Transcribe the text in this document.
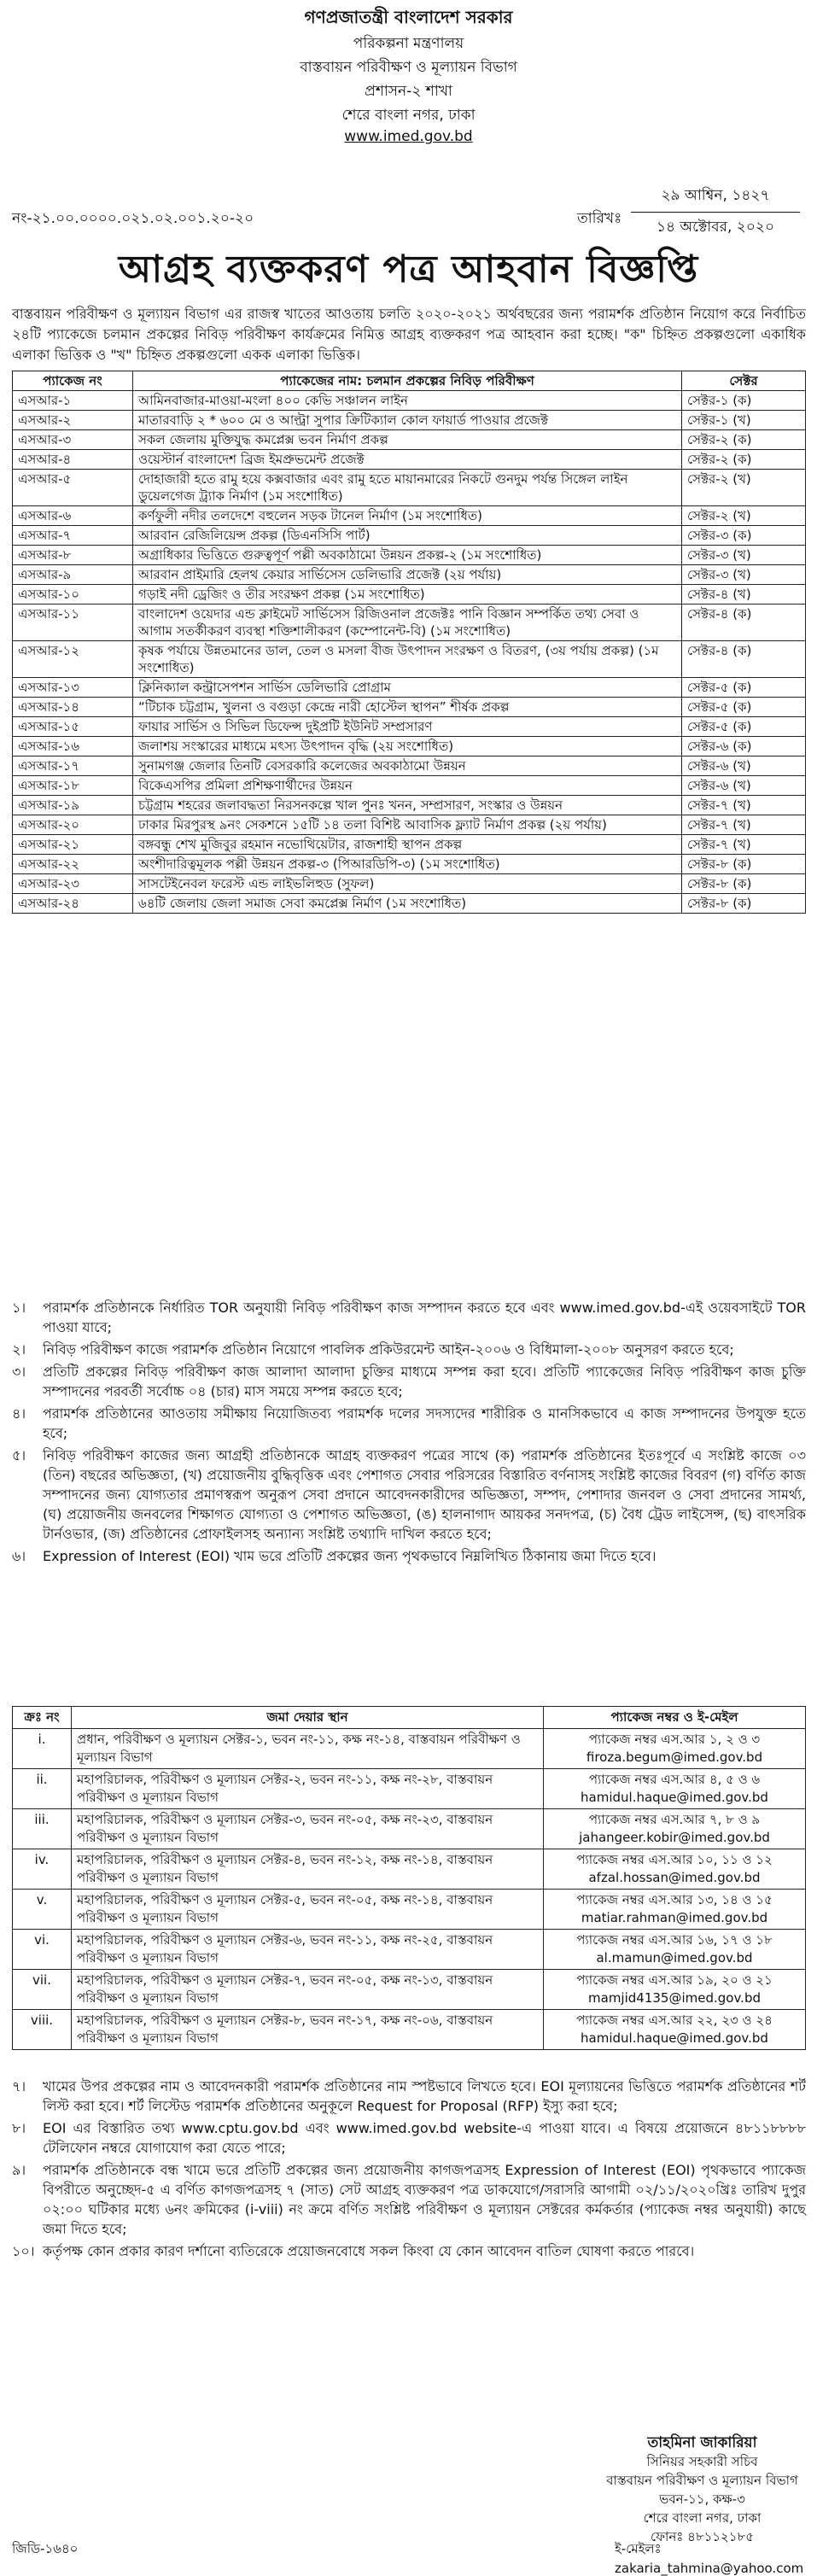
গণপ্রজাতন্ত্রী বাংলাদেশ সরকার
পরিকল্পনা মন্ত্রণালয়
বাস্তবায়ন পরিবীক্ষণ ও মূল্যায়ন বিভাগ
প্রশাসন-২ শাখা
শেরে বাংলা নগর, ঢাকা
www.imed.gov.bd
২৯ আশ্বিন, ১৪২৭
১৪ অক্টোবর, ২০২০
নং-২১.০০.০০০০.০২১.০২.০০১.২০-২০	তারিখঃ
আগ্রহ ব্যক্তকরণ পত্র আহবান বিজ্ঞপ্তি
বাস্তবায়ন পরিবীক্ষণ ও মূল্যায়ন বিভাগ এর রাজস্ব খাতের আওতায় চলতি ২০২০-২০২১ অর্থবছরের জন্য পরামর্শক প্রতিষ্ঠান নিয়োগ করে নির্বাচিত ২৪টি প্যাকেজে চলমান প্রকল্পের নিবিড় পরিবীক্ষণ কার্যক্রমের নিমিত্ত আগ্রহ ব্যক্তকরণ পত্র আহবান করা হচ্ছে। "ক" চিহ্নিত প্রকল্পগুলো একাধিক এলাকা ভিত্তিক ও "খ" চিহ্নিত প্রকল্পগুলো একক এলাকা ভিত্তিক।
প্যাকেজ নং	প্যাকেজের নাম: চলমান প্রকল্পের নিবিড় পরিবীক্ষণ	সেক্টর
এসআর-১	আমিনবাজার-মাওয়া-মংলা ৪০০ কেভি সঞ্চালন লাইন	সেক্টর-১ (ক)
এসআর-২	মাতারবাড়ি ২ * ৬০০ মে ও আল্ট্রা সুপার ক্রিটিক্যাল কোল ফায়ার্ড পাওয়ার প্রজেক্ট	সেক্টর-১ (খ)
এসআর-৩	সকল জেলায় মুক্তিযুদ্ধ কমপ্লেক্স ভবন নির্মাণ প্রকল্প	সেক্টর-২ (ক)
এসআর-৪	ওয়েস্টার্ন বাংলাদেশ ব্রিজ ইমপ্রুভমেন্ট প্রজেক্ট	সেক্টর-২ (ক)
এসআর-৫	দোহাজারী হতে রামু হয়ে কক্সবাজার এবং রামু হতে মায়ানমারের নিকটে গুনদুম পর্যন্ত সিঙ্গেল লাইন ডুয়েলগেজ ট্র্যাক নির্মাণ (১ম সংশোধিত)	সেক্টর-২ (খ)
এসআর-৬	কর্ণফুলী নদীর তলদেশে বহুলেন সড়ক টানেল নির্মাণ (১ম সংশোধিত)	সেক্টর-২ (খ)
এসআর-৭	আরবান রেজিলিয়েন্স প্রকল্প (ডিএনসিসি পার্ট)	সেক্টর-৩ (ক)
এসআর-৮	অগ্রাধিকার ভিত্তিতে গুরুত্বপূর্ণ পল্লী অবকাঠামো উন্নয়ন প্রকল্প-২ (১ম সংশোধিত)	সেক্টর-৩ (খ)
এসআর-৯	আরবান প্রাইমারি হেলথ কেয়ার সার্ভিসেস ডেলিভারি প্রজেক্ট (২য় পর্যায়)	সেক্টর-৩ (খ)
এসআর-১০	গড়াই নদী ড্রেজিং ও তীর সংরক্ষণ প্রকল্প (১ম সংশোধিত)	সেক্টর-৪ (খ)
এসআর-১১	বাংলাদেশ ওয়েদার এন্ড ক্লাইমেট সার্ভিসেস রিজিওনাল প্রজেক্টঃ পানি বিজ্ঞান সম্পর্কিত তথ্য সেবা ও আগাম সতর্কীকরণ ব্যবস্থা শক্তিশালীকরণ (কম্পোনেন্ট-বি) (১ম সংশোধিত)	সেক্টর-৪ (ক)
এসআর-১২	কৃষক পর্যায়ে উন্নতমানের ডাল, তেল ও মসলা বীজ উৎপাদন সংরক্ষণ ও বিতরণ, (৩য় পর্যায় প্রকল্প) (১ম সংশোধিত)	সেক্টর-৪ (ক)
এসআর-১৩	ক্লিনিক্যাল কন্ট্রাসেপশন সার্ভিস ডেলিভারি প্রোগ্রাম	সেক্টর-৫ (ক)
এসআর-১৪	“টিচাক চট্টগ্রাম, খুলনা ও বগুড়া কেন্দ্রে নারী হোস্টেল স্থাপন” শীর্ষক প্রকল্প	সেক্টর-৫ (ক)
এসআর-১৫	ফায়ার সার্ভিস ও সিভিল ডিফেন্স দুইপ্রটি ইউনিট সম্প্রসারণ	সেক্টর-৫ (ক)
এসআর-১৬	জলাশয় সংস্কারের মাধ্যমে মৎস্য উৎপাদন বৃদ্ধি (২য় সংশোধিত)	সেক্টর-৬ (ক)
এসআর-১৭	সুনামগঞ্জ জেলার তিনটি বেসরকারি কলেজের অবকাঠামো উন্নয়ন	সেক্টর-৬ (খ)
এসআর-১৮	বিকেএসপির প্রমিলা প্রশিক্ষণার্থীদের উন্নয়ন	সেক্টর-৬ (খ)
এসআর-১৯	চট্টগ্রাম শহরের জলাবদ্ধতা নিরসনকল্পে খাল পুনঃ খনন, সম্প্রসারণ, সংস্কার ও উন্নয়ন	সেক্টর-৭ (খ)
এসআর-২০	ঢাকার মিরপুরস্থ ৯নং সেকশনে ১৫টি ১৪ তলা বিশিষ্ট আবাসিক ফ্ল্যাট নির্মাণ প্রকল্প (২য় পর্যায়)	সেক্টর-৭ (খ)
এসআর-২১	বঙ্গবন্ধু শেখ মুজিবুর রহমান নভোথিয়েটার, রাজশাহী স্থাপন প্রকল্প	সেক্টর-৭ (খ)
এসআর-২২	অংশীদারিত্বমূলক পল্লী উন্নয়ন প্রকল্প-৩ (পিআরডিপি-৩) (১ম সংশোধিত)	সেক্টর-৮ (ক)
এসআর-২৩	সাসটেইনেবল ফরেস্ট এন্ড লাইভলিহুড (সুফল)	সেক্টর-৮ (ক)
এসআর-২৪	৬৪টি জেলায় জেলা সমাজ সেবা কমপ্লেক্স নির্মাণ (১ম সংশোধিত)	সেক্টর-৮ (ক)
১।	পরামর্শক প্রতিষ্ঠানকে নির্ধারিত TOR অনুযায়ী নিবিড় পরিবীক্ষণ কাজ সম্পাদন করতে হবে এবং www.imed.gov.bd-এই ওয়েবসাইটে TOR পাওয়া যাবে;
২।	নিবিড় পরিবীক্ষণ কাজে পরামর্শক প্রতিষ্ঠান নিয়োগে পাবলিক প্রকিউরমেন্ট আইন-২০০৬ ও বিধিমালা-২০০৮ অনুসরণ করতে হবে;
৩।	প্রতিটি প্রকল্পের নিবিড় পরিবীক্ষণ কাজ আলাদা আলাদা চুক্তির মাধ্যমে সম্পন্ন করা হবে। প্রতিটি প্যাকেজের নিবিড় পরিবীক্ষণ কাজ চুক্তি সম্পাদনের পরবর্তী সর্বোচ্চ ০৪ (চার) মাস সময়ে সম্পন্ন করতে হবে;
৪।	পরামর্শক প্রতিষ্ঠানের আওতায় সমীক্ষায় নিয়োজিতব্য পরামর্শক দলের সদস্যদের শারীরিক ও মানসিকভাবে এ কাজ সম্পাদনের উপযুক্ত হতে হবে;
৫।	নিবিড় পরিবীক্ষণ কাজের জন্য আগ্রহী প্রতিষ্ঠানকে আগ্রহ ব্যক্তকরণ পত্রের সাথে (ক) পরামর্শক প্রতিষ্ঠানের ইতঃপূর্বে এ সংশ্লিষ্ট কাজে ০৩ (তিন) বছরের অভিজ্ঞতা, (খ) প্রয়োজনীয় বুদ্ধিবৃত্তিক এবং পেশাগত সেবার পরিসরের বিস্তারিত বর্ণনাসহ সংশ্লিষ্ট কাজের বিবরণ (গ) বর্ণিত কাজ সম্পাদনের জন্য যোগ্যতার প্রমাণস্বরূপ অনুরূপ সেবা প্রদানে আবেদনকারীদের অভিজ্ঞতা, সম্পদ, পেশাদার জনবল ও সেবা প্রদানের সামর্থ্য, (ঘ) প্রয়োজনীয় জনবলের শিক্ষাগত যোগ্যতা ও পেশাগত অভিজ্ঞতা, (ঙ) হালনাগাদ আয়কর সনদপত্র, (চ) বৈধ ট্রেড লাইসেন্স, (ছ) বাৎসরিক টার্নওভার, (জ) প্রতিষ্ঠানের প্রোফাইলসহ অন্যান্য সংশ্লিষ্ট তথ্যাদি দাখিল করতে হবে;
৬।	Expression of Interest (EOI) খাম ভরে প্রতিটি প্রকল্পের জন্য পৃথকভাবে নিম্নলিখিত ঠিকানায় জমা দিতে হবে।
ক্রঃ নং	জমা দেয়ার স্থান	প্যাকেজ নম্বর ও ই-মেইল
i.	প্রধান, পরিবীক্ষণ ও মূল্যায়ন সেক্টর-১, ভবন নং-১১, কক্ষ নং-১৪, বাস্তবায়ন পরিবীক্ষণ ও মূল্যায়ন বিভাগ	প্যাকেজ নম্বর এস.আর ১, ২ ও ৩
firoza.begum@imed.gov.bd

ii.	মহাপরিচালক, পরিবীক্ষণ ও মূল্যায়ন সেক্টর-২, ভবন নং-১১, কক্ষ নং-২৮, বাস্তবায়ন পরিবীক্ষণ ও মূল্যায়ন বিভাগ	প্যাকেজ নম্বর এস.আর ৪, ৫ ও ৬
hamidul.haque@imed.gov.bd

iii.	মহাপরিচালক, পরিবীক্ষণ ও মূল্যায়ন সেক্টর-৩, ভবন নং-০৫, কক্ষ নং-২৩, বাস্তবায়ন পরিবীক্ষণ ও মূল্যায়ন বিভাগ	প্যাকেজ নম্বর এস.আর ৭, ৮ ও ৯
jahangeer.kobir@imed.gov.bd

iv.	মহাপরিচালক, পরিবীক্ষণ ও মূল্যায়ন সেক্টর-৪, ভবন নং-১২, কক্ষ নং-১৪, বাস্তবায়ন পরিবীক্ষণ ও মূল্যায়ন বিভাগ	প্যাকেজ নম্বর এস.আর ১০, ১১ ও ১২
afzal.hossan@imed.gov.bd

v.	মহাপরিচালক, পরিবীক্ষণ ও মূল্যায়ন সেক্টর-৫, ভবন নং-০৫, কক্ষ নং-১৪, বাস্তবায়ন পরিবীক্ষণ ও মূল্যায়ন বিভাগ	প্যাকেজ নম্বর এস.আর ১৩, ১৪ ও ১৫
matiar.rahman@imed.gov.bd

vi.	মহাপরিচালক, পরিবীক্ষণ ও মূল্যায়ন সেক্টর-৬, ভবন নং-১১, কক্ষ নং-২৫, বাস্তবায়ন পরিবীক্ষণ ও মূল্যায়ন বিভাগ	প্যাকেজ নম্বর এস.আর ১৬, ১৭ ও ১৮
al.mamun@imed.gov.bd

vii.	মহাপরিচালক, পরিবীক্ষণ ও মূল্যায়ন সেক্টর-৭, ভবন নং-০৫, কক্ষ নং-১৩, বাস্তবায়ন পরিবীক্ষণ ও মূল্যায়ন বিভাগ	প্যাকেজ নম্বর এস.আর ১৯, ২০ ও ২১
mamjid4135@imed.gov.bd

viii.	মহাপরিচালক, পরিবীক্ষণ ও মূল্যায়ন সেক্টর-৮, ভবন নং-১৭, কক্ষ নং-০৬, বাস্তবায়ন পরিবীক্ষণ ও মূল্যায়ন বিভাগ	প্যাকেজ নম্বর এস.আর ২২, ২৩ ও ২৪
hamidul.haque@imed.gov.bd
৭।	খামের উপর প্রকল্পের নাম ও আবেদনকারী পরামর্শক প্রতিষ্ঠানের নাম স্পষ্টভাবে লিখতে হবে। EOI মূল্যায়নের ভিত্তিতে পরামর্শক প্রতিষ্ঠানের শর্ট লিস্ট করা হবে। শর্ট লিস্টেড পরামর্শক প্রতিষ্ঠানের অনুকূলে Request for Proposal (RFP) ইস্যু করা হবে;
৮।	EOI এর বিস্তারিত তথ্য www.cptu.gov.bd এবং www.imed.gov.bd website-এ পাওয়া যাবে। এ বিষয়ে প্রয়োজনে ৪৮১১৮৮৮৮ টেলিফোন নম্বরে যোগাযোগ করা যেতে পারে;
৯।	পরামর্শক প্রতিষ্ঠানকে বন্ধ খামে ভরে প্রতিটি প্রকল্পের জন্য প্রয়োজনীয় কাগজপত্রসহ Expression of Interest (EOI) পৃথকভাবে প্যাকেজ বিপরীতে অনুচ্ছেদ-৫ এ বর্ণিত কাগজপত্রসহ ৭ (সাত) সেট আগ্রহ ব্যক্তকরণ পত্র ডাকযোগে/সরাসরি আগামী ০২/১১/২০২০খ্রিঃ তারিখ দুপুর ০২:০০ ঘটিকার মধ্যে ৬নং ক্রমিকের (i-viii) নং ক্রমে বর্ণিত সংশ্লিষ্ট পরিবীক্ষণ ও মূল্যায়ন সেক্টরের কর্মকর্তার (প্যাকেজ নম্বর অনুযায়ী) কাছে জমা দিতে হবে;
১০। কর্তৃপক্ষ কোন প্রকার কারণ দর্শানো ব্যতিরেকে প্রয়োজনবোধে সকল কিংবা যে কোন আবেদন বাতিল ঘোষণা করতে পারবে।
তাহমিনা জাকারিয়া
সিনিয়র সহকারী সচিব
বাস্তবায়ন পরিবীক্ষণ ও মূল্যায়ন বিভাগ
ভবন-১১, কক্ষ-৩
শেরে বাংলা নগর, ঢাকা
ফোনঃ ৪৮১১২১৮৫
জিডি-১৬৪০	ই-মেইলঃ zakaria_tahmina@yahoo.com
